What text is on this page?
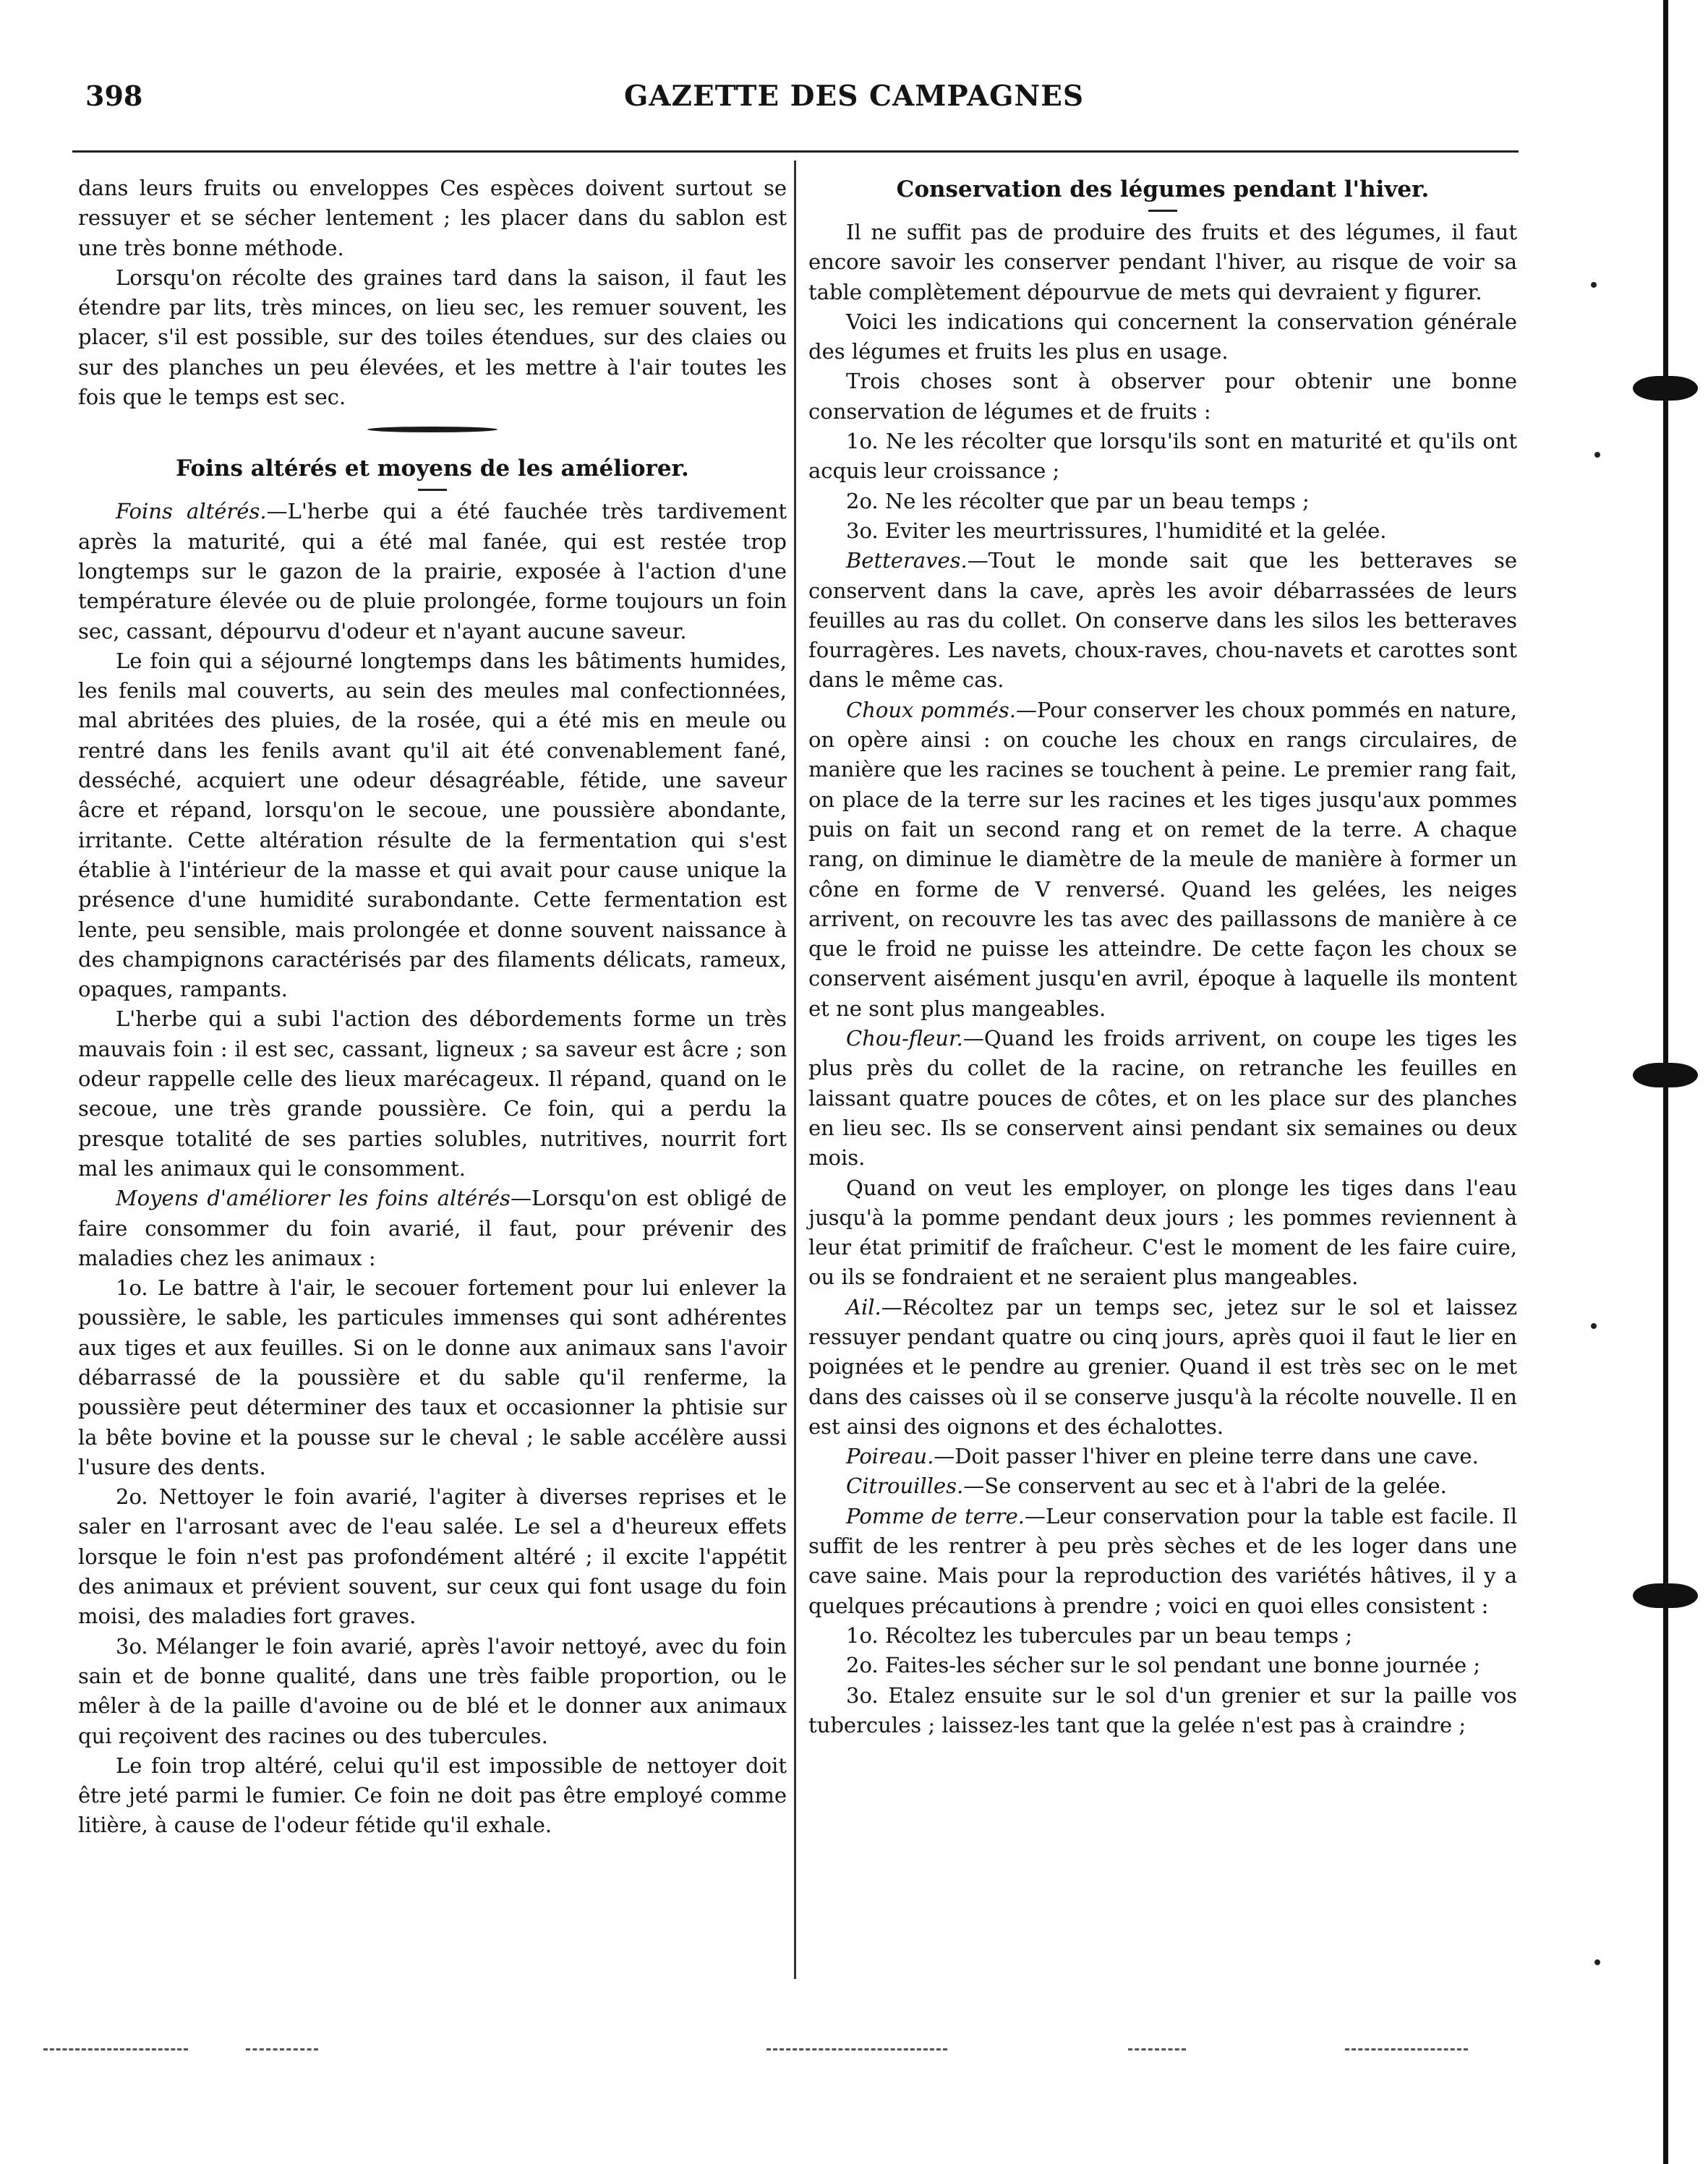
398	GAZETTE DES CAMPAGNES

dans leurs fruits ou enveloppes Ces espèces doivent surtout se ressuyer et se sécher lentement ; les placer dans du sablon est une très bonne méthode.

Lorsqu'on récolte des graines tard dans la saison, il faut les étendre par lits, très minces, on lieu sec, les remuer souvent, les placer, s'il est possible, sur des toiles étendues, sur des claies ou sur des planches un peu élevées, et les mettre à l'air toutes les fois que le temps est sec.

Foins altérés et moyens de les améliorer.

Foins altérés.—L'herbe qui a été fauchée très tardivement après la maturité, qui a été mal fanée, qui est restée trop longtemps sur le gazon de la prairie, exposée à l'action d'une température élevée ou de pluie prolongée, forme toujours un foin sec, cassant, dépourvu d'odeur et n'ayant aucune saveur.

Le foin qui a séjourné longtemps dans les bâtiments humides, les fenils mal couverts, au sein des meules mal confectionnées, mal abritées des pluies, de la rosée, qui a été mis en meule ou rentré dans les fenils avant qu'il ait été convenablement fané, desséché, acquiert une odeur désagréable, fétide, une saveur âcre et répand, lorsqu'on le secoue, une poussière abondante, irritante. Cette altération résulte de la fermentation qui s'est établie à l'intérieur de la masse et qui avait pour cause unique la présence d'une humidité surabondante. Cette fermentation est lente, peu sensible, mais prolongée et donne souvent naissance à des champignons caractérisés par des filaments délicats, rameux, opaques, rampants.

L'herbe qui a subi l'action des débordements forme un très mauvais foin : il est sec, cassant, ligneux ; sa saveur est âcre ; son odeur rappelle celle des lieux marécageux. Il répand, quand on le secoue, une très grande poussière. Ce foin, qui a perdu la presque totalité de ses parties solubles, nutritives, nourrit fort mal les animaux qui le consomment.

Moyens d'améliorer les foins altérés—Lorsqu'on est obligé de faire consommer du foin avarié, il faut, pour prévenir des maladies chez les animaux :

1o. Le battre à l'air, le secouer fortement pour lui enlever la poussière, le sable, les particules immenses qui sont adhérentes aux tiges et aux feuilles. Si on le donne aux animaux sans l'avoir débarrassé de la poussière et du sable qu'il renferme, la poussière peut déterminer des taux et occasionner la phtisie sur la bête bovine et la pousse sur le cheval ; le sable accélère aussi l'usure des dents.

2o. Nettoyer le foin avarié, l'agiter à diverses reprises et le saler en l'arrosant avec de l'eau salée. Le sel a d'heureux effets lorsque le foin n'est pas profondément altéré ; il excite l'appétit des animaux et prévient souvent, sur ceux qui font usage du foin moisi, des maladies fort graves.

3o. Mélanger le foin avarié, après l'avoir nettoyé, avec du foin sain et de bonne qualité, dans une très faible proportion, ou le mêler à de la paille d'avoine ou de blé et le donner aux animaux qui reçoivent des racines ou des tubercules.

Le foin trop altéré, celui qu'il est impossible de nettoyer doit être jeté parmi le fumier. Ce foin ne doit pas être employé comme litière, à cause de l'odeur fétide qu'il exhale.

Conservation des légumes pendant l'hiver.

Il ne suffit pas de produire des fruits et des légumes, il faut encore savoir les conserver pendant l'hiver, au risque de voir sa table complètement dépourvue de mets qui devraient y figurer.

Voici les indications qui concernent la conservation générale des légumes et fruits les plus en usage.

Trois choses sont à observer pour obtenir une bonne conservation de légumes et de fruits :

1o. Ne les récolter que lorsqu'ils sont en maturité et qu'ils ont acquis leur croissance ;

2o. Ne les récolter que par un beau temps ;

3o. Eviter les meurtrissures, l'humidité et la gelée.

Betteraves.—Tout le monde sait que les betteraves se conservent dans la cave, après les avoir débarrassées de leurs feuilles au ras du collet. On conserve dans les silos les betteraves fourragères. Les navets, choux-raves, chou-navets et carottes sont dans le même cas.

Choux pommés.—Pour conserver les choux pommés en nature, on opère ainsi : on couche les choux en rangs circulaires, de manière que les racines se touchent à peine. Le premier rang fait, on place de la terre sur les racines et les tiges jusqu'aux pommes puis on fait un second rang et on remet de la terre. A chaque rang, on diminue le diamètre de la meule de manière à former un cône en forme de V renversé. Quand les gelées, les neiges arrivent, on recouvre les tas avec des paillassons de manière à ce que le froid ne puisse les atteindre. De cette façon les choux se conservent aisément jusqu'en avril, époque à laquelle ils montent et ne sont plus mangeables.

Chou-fleur.—Quand les froids arrivent, on coupe les tiges les plus près du collet de la racine, on retranche les feuilles en laissant quatre pouces de côtes, et on les place sur des planches en lieu sec. Ils se conservent ainsi pendant six semaines ou deux mois.

Quand on veut les employer, on plonge les tiges dans l'eau jusqu'à la pomme pendant deux jours ; les pommes reviennent à leur état primitif de fraîcheur. C'est le moment de les faire cuire, ou ils se fondraient et ne seraient plus mangeables.

Ail.—Récoltez par un temps sec, jetez sur le sol et laissez ressuyer pendant quatre ou cinq jours, après quoi il faut le lier en poignées et le pendre au grenier. Quand il est très sec on le met dans des caisses où il se conserve jusqu'à la récolte nouvelle. Il en est ainsi des oignons et des échalottes.

Poireau.—Doit passer l'hiver en pleine terre dans une cave.

Citrouilles.—Se conservent au sec et à l'abri de la gelée.

Pomme de terre.—Leur conservation pour la table est facile. Il suffit de les rentrer à peu près sèches et de les loger dans une cave saine. Mais pour la reproduction des variétés hâtives, il y a quelques précautions à prendre ; voici en quoi elles consistent :

1o. Récoltez les tubercules par un beau temps ;

2o. Faites-les sécher sur le sol pendant une bonne journée ;

3o. Etalez ensuite sur le sol d'un grenier et sur la paille vos tubercules ; laissez-les tant que la gelée n'est pas à craindre ;
